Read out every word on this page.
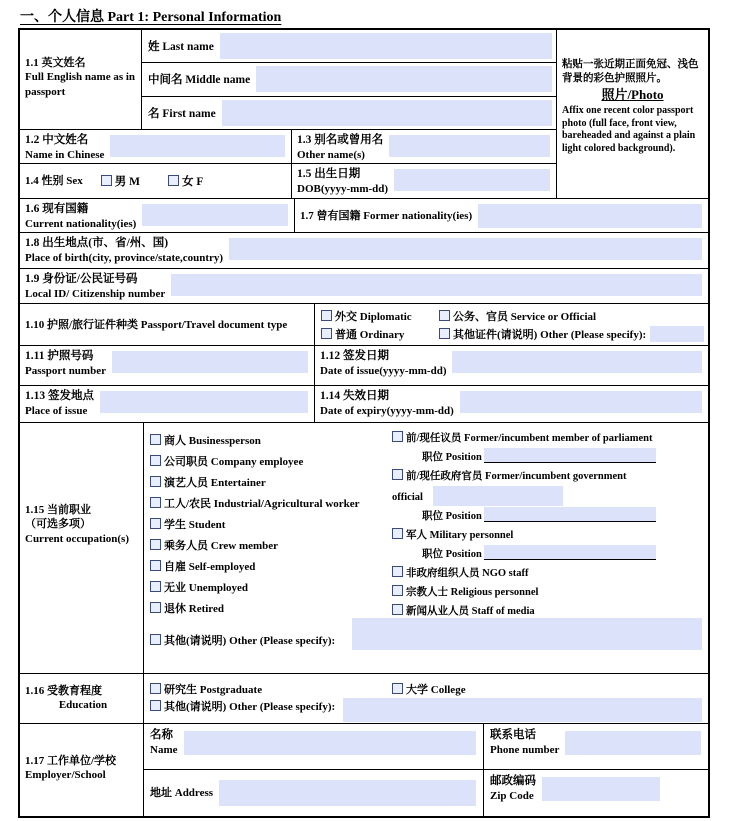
一、个人信息 Part 1: Personal Information
1.1 英文姓名
Full English name as in passport
姓 Last name
中间名 Middle name
名 First name
1.2 中文姓名
Name in Chinese
1.3 别名或曾用名
Other name(s)
1.4 性别 Sex	男 M	女 F
1.5 出生日期
DOB(yyyy-mm-dd)
粘贴一张近期正面免冠、浅色背景的彩色护照照片。
照片/Photo
Affix one recent color passport photo (full face, front view, bareheaded and against a plain light colored background).
1.6 现有国籍
Current nationality(ies)
1.7 曾有国籍 Former nationality(ies)
1.8 出生地点(市、省/州、国)
Place of birth(city, province/state,country)
1.9 身份证/公民证号码
Local ID/ Citizenship number
1.10 护照/旅行证件种类 Passport/Travel document type
外交 Diplomatic	公务、官员 Service or Official
普通 Ordinary	其他证件(请说明) Other (Please specify):
1.11 护照号码
Passport number
1.12 签发日期
Date of issue(yyyy-mm-dd)
1.13 签发地点
Place of issue
1.14 失效日期
Date of expiry(yyyy-mm-dd)
1.15 当前职业
（可选多项）
Current occupation(s)
商人 Businessperson
公司职员 Company employee
演艺人员 Entertainer
工人/农民 Industrial/Agricultural worker
学生 Student
乘务人员 Crew member
自雇 Self-employed
无业 Unemployed
退休 Retired
前/现任议员 Former/incumbent member of parliament
职位 Position
前/现任政府官员 Former/incumbent government
official
职位 Position
军人 Military personnel
职位 Position
非政府组织人员 NGO staff
宗教人士 Religious personnel
新闻从业人员 Staff of media
其他(请说明) Other (Please specify):
1.16 受教育程度
Education
研究生 Postgraduate	大学 College
其他(请说明) Other (Please specify):
1.17 工作单位/学校
Employer/School
名称
Name
联系电话
Phone number
地址 Address
邮政编码
Zip Code
